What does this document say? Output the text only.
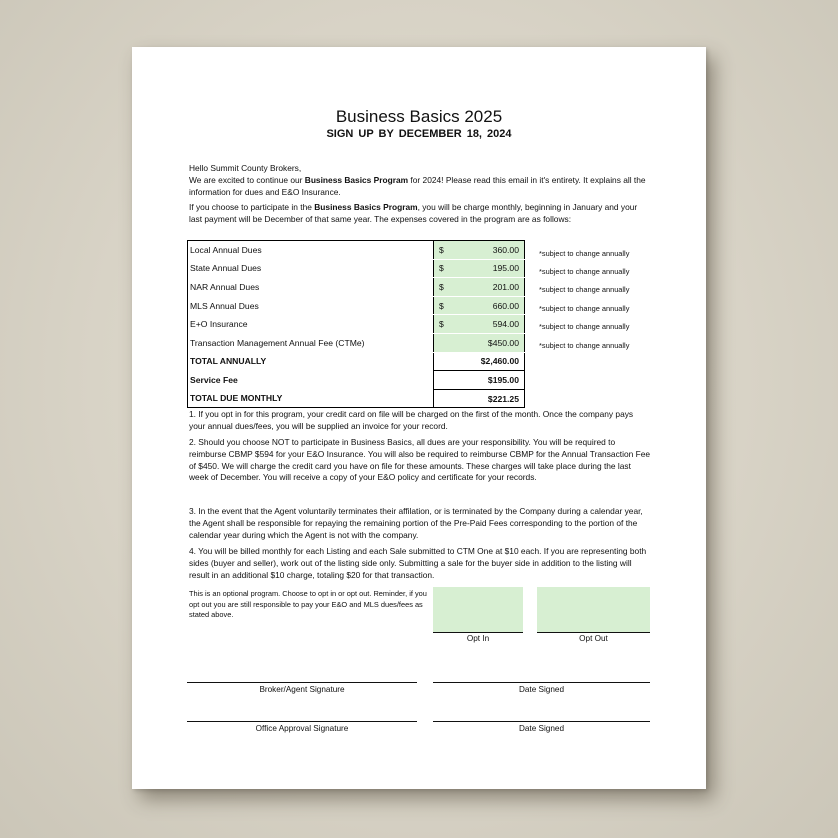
Business Basics 2025
SIGN UP BY DECEMBER 18, 2024
Hello Summit County Brokers,
We are excited to continue our Business Basics Program for 2024! Please read this email in it's entirety. It explains all the information for dues and E&O Insurance.
If you choose to participate in the Business Basics Program, you will be charge monthly, beginning in January and your last payment will be December of that same year. The expenses covered in the program are as follows:
Local Annual Dues	$ 360.00

State Annual Dues	$ 195.00

NAR Annual Dues	$ 201.00

MLS Annual Dues	$ 660.00

E+O Insurance	$ 594.00

Transaction Management Annual Fee (CTMe)	$450.00

TOTAL ANNUALLY	$2,460.00

Service Fee	$195.00

TOTAL DUE MONTHLY	$221.25
*subject to change annually
*subject to change annually
*subject to change annually
*subject to change annually
*subject to change annually
*subject to change annually
1. If you opt in for this program, your credit card on file will be charged on the first of the month. Once the company pays your annual dues/fees, you will be supplied an invoice for your record.
2. Should you choose NOT to participate in Business Basics, all dues are your responsibility. You will be required to reimburse CBMP $594 for your E&O Insurance. You will also be required to reimburse CBMP for the Annual Transaction Fee of $450. We will charge the credit card you have on file for these amounts. These charges will take place during the last week of December. You will receive a copy of your E&O policy and certificate for your records.
3. In the event that the Agent voluntarily terminates their affilation, or is terminated by the Company during a calendar year, the Agent shall be responsible for repaying the remaining portion of the Pre-Paid Fees corresponding to the portion of the calendar year during which the Agent is not with the company.
4. You will be billed monthly for each Listing and each Sale submitted to CTM One at $10 each. If you are representing both sides (buyer and seller), work out of the listing side only. Submitting a sale for the buyer side in addition to the listing will result in an additional $10 charge, totaling $20 for that transaction.
This is an optional program. Choose to opt in or opt out. Reminder, if you opt out you are still responsible to pay your E&O and MLS dues/fees as stated above.
Opt In	Opt Out
Broker/Agent Signature	Date Signed
Office Approval Signature	Date Signed
